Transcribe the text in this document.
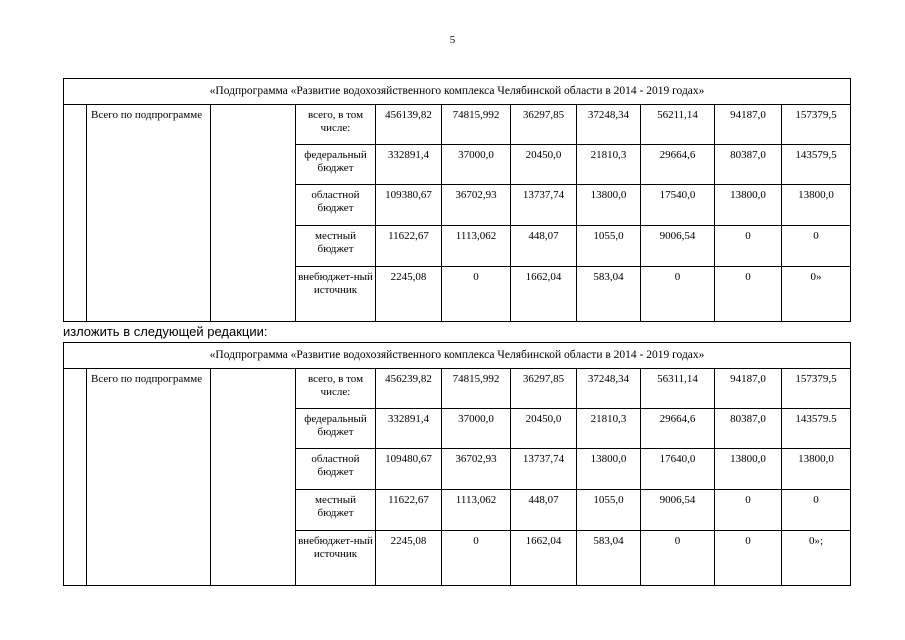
5
«Подпрограмма «Развитие водохозяйственного комплекса Челябинской области в 2014 - 2019 годах»										
	Всего по подпрограмме		всего, в том числе:	456139,82	74815,992	36297,85	37248,34	56211,14	94187,0	157379,5
			федеральный бюджет	332891,4	37000,0	20450,0	21810,3	29664,6	80387,0	143579,5
			областной бюджет	109380,67	36702,93	13737,74	13800,0	17540,0	13800,0	13800,0
			местный бюджет	11622,67	1113,062	448,07	1055,0	9006,54	0	0
			внебюджет-ный источник	2245,08	0	1662,04	583,04	0	0	0»
изложить в следующей редакции:
«Подпрограмма «Развитие водохозяйственного комплекса Челябинской области в 2014 - 2019 годах»										
	Всего по подпрограмме		всего, в том числе:	456239,82	74815,992	36297,85	37248,34	56311,14	94187,0	157379,5
			федеральный бюджет	332891,4	37000,0	20450,0	21810,3	29664,6	80387,0	143579.5
			областной бюджет	109480,67	36702,93	13737,74	13800,0	17640,0	13800,0	13800,0
			местный бюджет	11622,67	1113,062	448,07	1055,0	9006,54	0	0
			внебюджет-ный источник	2245,08	0	1662,04	583,04	0	0	0»;
